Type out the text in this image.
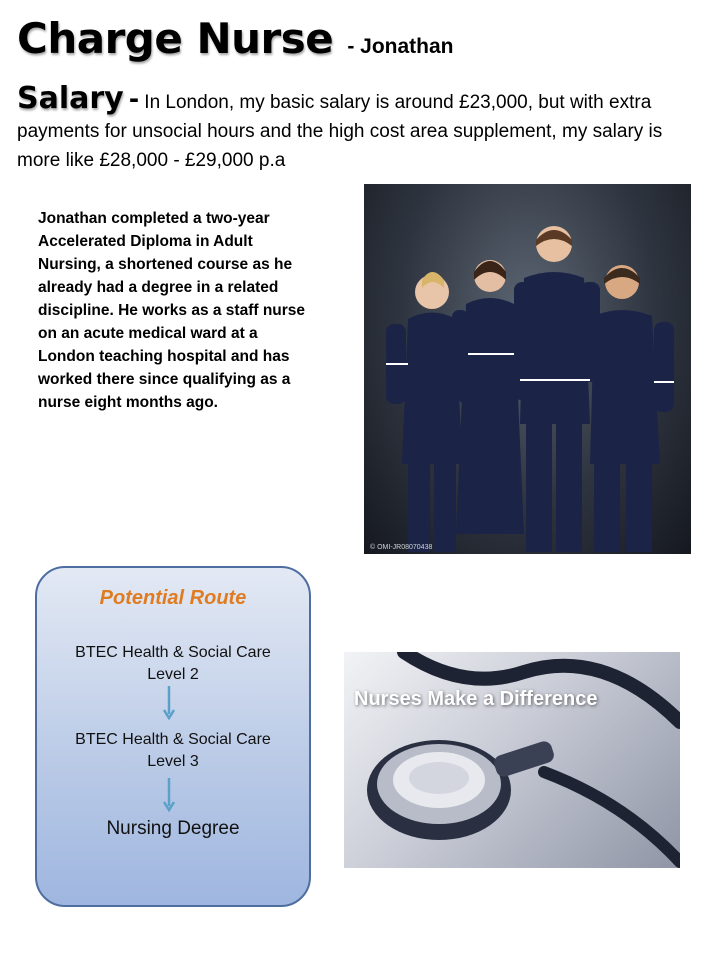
Charge Nurse - Jonathan
Salary - In London, my basic salary is around £23,000, but with extra payments for unsocial hours and the high cost area supplement, my salary is more like £28,000 - £29,000 p.a
Jonathan completed a two-year Accelerated Diploma in Adult Nursing, a shortened course as he already had a degree in a related discipline. He works as a staff nurse on an acute medical ward at a London teaching hospital and has worked there since qualifying as a nurse eight months ago.
© OMI-JR08070438
Potential Route
BTEC Health & Social Care
Level 2
BTEC Health & Social Care
Level 3
Nursing Degree
Nurses Make a Difference
